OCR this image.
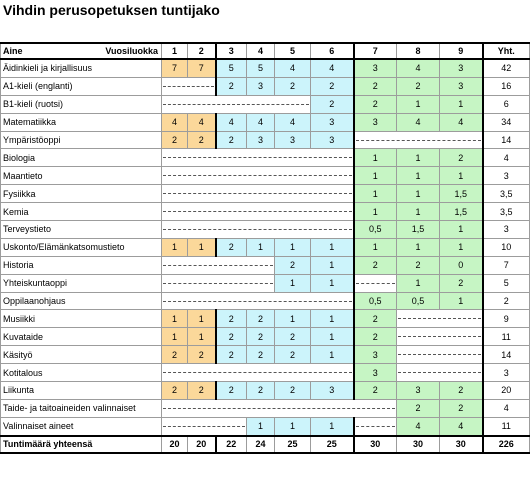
Vihdin perusopetuksen tuntijako
Aine Vuosiluokka	1	2	3	4	5	6	7	8	9	Yht.
Äidinkieli ja kirjallisuus	7	7	5	5	4	4	3	4	3	42
A1-kieli (englanti)			2	3	2	2	2	2	3	16
B1-kieli (ruotsi)						2	2	1	1	6
Matematiikka	4	4	4	4	4	3	3	4	4	34
Ympäristöoppi	2	2	2	3	3	3				14
Biologia							1	1	2	4
Maantieto							1	1	1	3
Fysiikka							1	1	1,5	3,5
Kemia							1	1	1,5	3,5
Terveystieto							0,5	1,5	1	3
Uskonto/Elämänkatsomustieto	1	1	2	1	1	1	1	1	1	10
Historia					2	1	2	2	0	7
Yhteiskuntaoppi					1	1		1	2	5
Oppilaanohjaus							0,5	0,5	1	2
Musiikki	1	1	2	2	1	1	2			9
Kuvataide	1	1	2	2	2	1	2			11
Käsityö	2	2	2	2	2	1	3			14
Kotitalous							3			3
Liikunta	2	2	2	2	2	3	2	3	2	20
Taide- ja taitoaineiden valinnaiset								2	2	4
Valinnaiset aineet				1	1	1		4	4	11
Tuntimäärä yhteensä	20	20	22	24	25	25	30	30	30	226
